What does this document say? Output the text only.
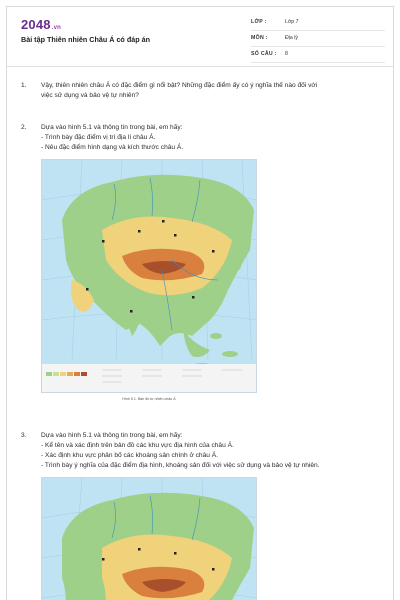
2048.vn
Bài tập Thiên nhiên Châu Á có đáp án
LỚP :	Lớp 7
MÔN :	Địa lý
SỐ CÂU : 8
1. Vậy, thiên nhiên châu Á có đặc điểm gì nổi bật? Những đặc điểm ấy có ý nghĩa thế nào đối với
việc sử dụng và bảo vệ tự nhiên?
2. Dựa vào hình 5.1 và thông tin trong bài, em hãy:
- Trình bày đặc điểm vị trí địa lí châu Á.
- Nêu đặc điểm hình dạng và kích thước châu Á.
Hình 5.1. Bản đồ tự nhiên châu Á
3. Dựa vào hình 5.1 và thông tin trong bài, em hãy:
- Kể tên và xác định trên bản đồ các khu vực địa hình của châu Á.
- Xác định khu vực phân bố các khoáng sản chính ở châu Á.
- Trình bày ý nghĩa của đặc điểm địa hình, khoáng sản đối với việc sử dụng và bảo vệ tự nhiên.
